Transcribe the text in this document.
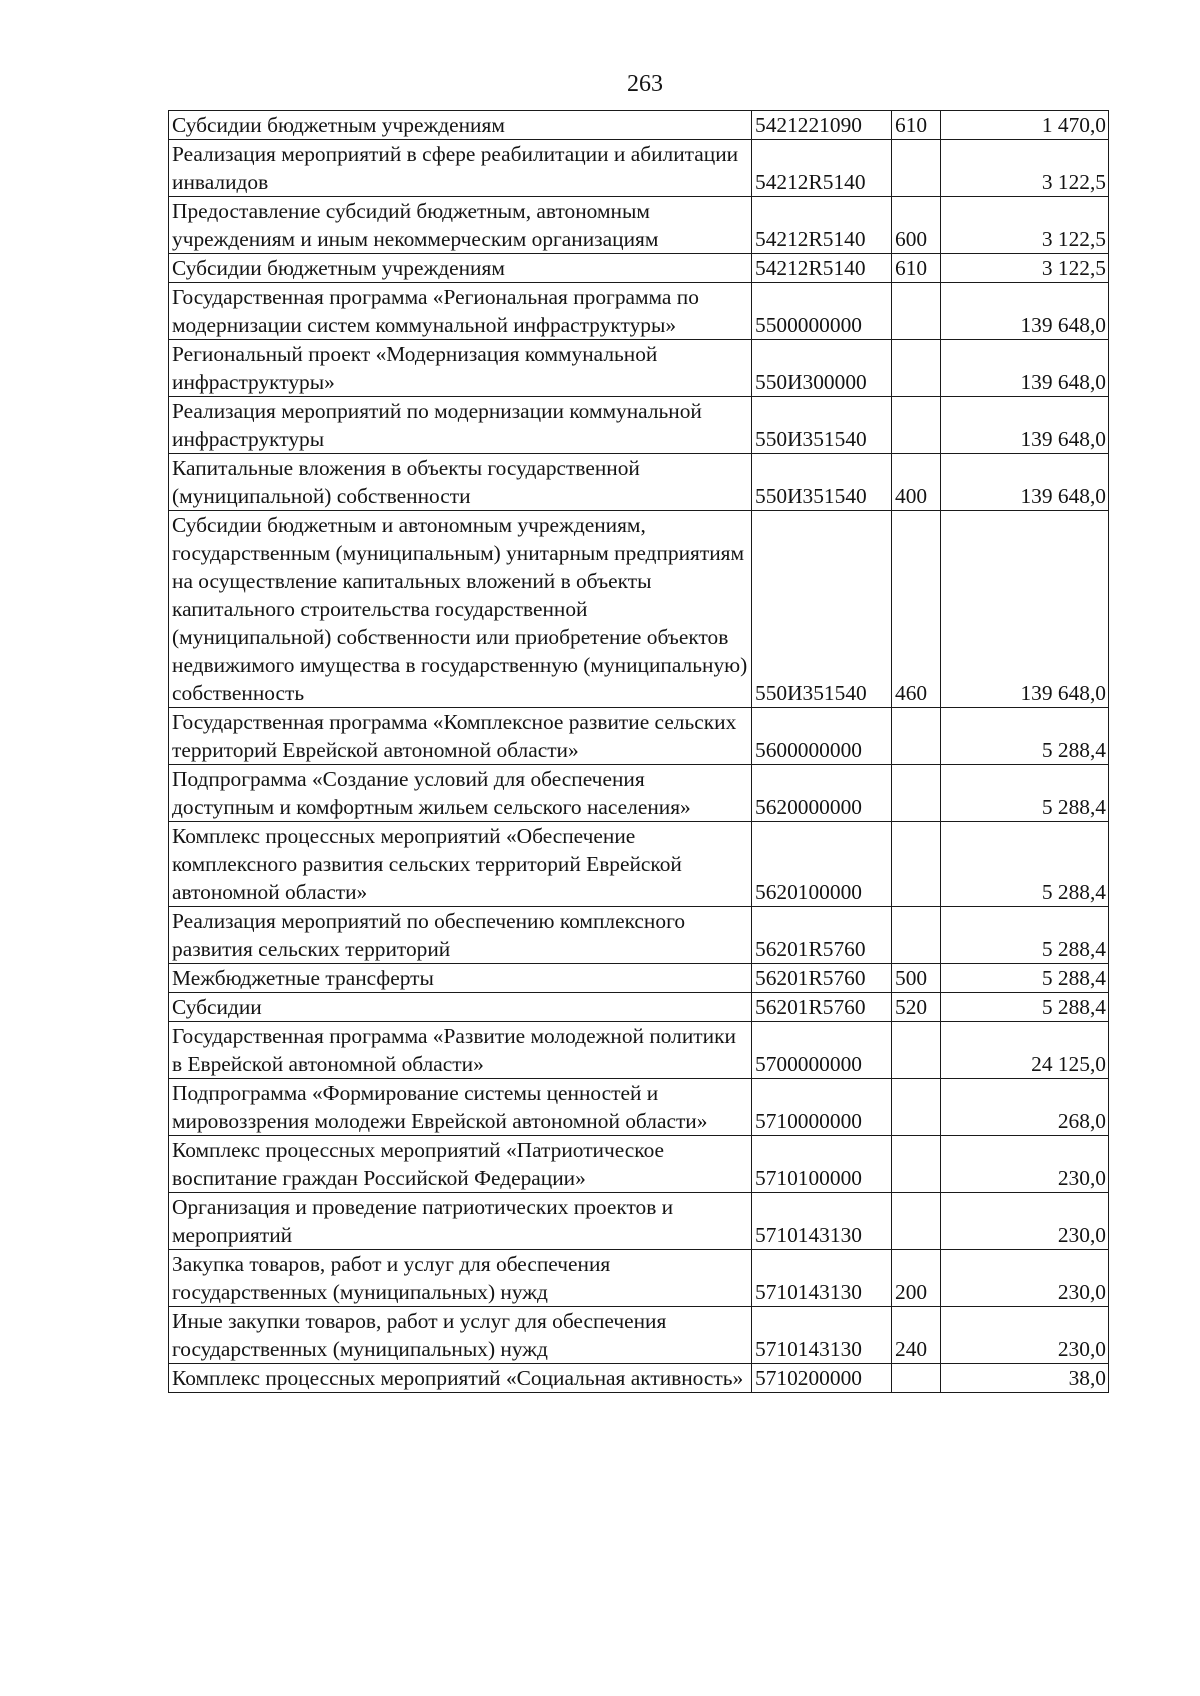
263
Субсидии бюджетным учреждениям	5421221090	610	1 470,0
Реализация мероприятий в сфере реабилитации и абилитации инвалидов	54212R5140		3 122,5
Предоставление субсидий бюджетным, автономным учреждениям и иным некоммерческим организациям	54212R5140	600	3 122,5
Субсидии бюджетным учреждениям	54212R5140	610	3 122,5
Государственная программа «Региональная программа по модернизации систем коммунальной инфраструктуры»	5500000000		139 648,0
Региональный проект «Модернизация коммунальной инфраструктуры»	550И300000		139 648,0
Реализация мероприятий по модернизации коммунальной инфраструктуры	550И351540		139 648,0
Капитальные вложения в объекты государственной (муниципальной) собственности	550И351540	400	139 648,0
Субсидии бюджетным и автономным учреждениям, государственным (муниципальным) унитарным предприятиям на осуществление капитальных вложений в объекты капитального строительства государственной (муниципальной) собственности или приобретение объектов недвижимого имущества в государственную (муниципальную) собственность	550И351540	460	139 648,0
Государственная программа «Комплексное развитие сельских территорий Еврейской автономной области»	5600000000		5 288,4
Подпрограмма «Создание условий для обеспечения доступным и комфортным жильем сельского населения»	5620000000		5 288,4
Комплекс процессных мероприятий «Обеспечение комплексного развития сельских территорий Еврейской автономной области»	5620100000		5 288,4
Реализация мероприятий по обеспечению комплексного развития сельских территорий	56201R5760		5 288,4
Межбюджетные трансферты	56201R5760	500	5 288,4
Субсидии	56201R5760	520	5 288,4
Государственная программа «Развитие молодежной политики в Еврейской автономной области»	5700000000		24 125,0
Подпрограмма «Формирование системы ценностей и мировоззрения молодежи Еврейской автономной области»	5710000000		268,0
Комплекс процессных мероприятий «Патриотическое воспитание граждан Российской Федерации»	5710100000		230,0
Организация и проведение патриотических проектов и мероприятий	5710143130		230,0
Закупка товаров, работ и услуг для обеспечения государственных (муниципальных) нужд	5710143130	200	230,0
Иные закупки товаров, работ и услуг для обеспечения государственных (муниципальных) нужд	5710143130	240	230,0
Комплекс процессных мероприятий «Социальная активность»	5710200000		38,0
